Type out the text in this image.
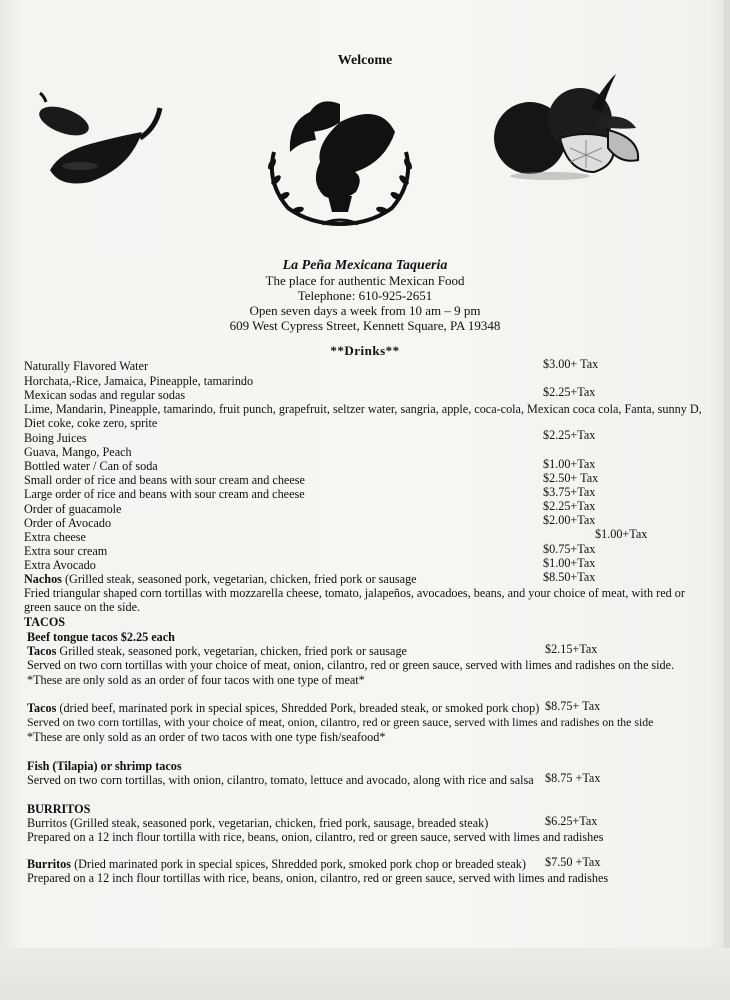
Welcome
La Peña Mexicana Taqueria
The place for authentic Mexican Food
Telephone: 610-925-2651
Open seven days a week from 10 am – 9 pm
609 West Cypress Street, Kennett Square, PA 19348
**Drinks**
Naturally Flavored Water	$3.00+ Tax
Horchata,-Rice, Jamaica, Pineapple, tamarindo
Mexican sodas and regular sodas	$2.25+Tax
Lime, Mandarin, Pineapple, tamarindo, fruit punch, grapefruit, seltzer water, sangria, apple, coca-cola, Mexican coca cola, Fanta, sunny D, Diet coke, coke zero, sprite
Boing Juices	$2.25+Tax
Guava, Mango, Peach
Bottled water / Can of soda	$1.00+Tax
Small order of rice and beans with sour cream and cheese	$2.50+ Tax
Large order of rice and beans with sour cream and cheese	$3.75+Tax
Order of guacamole	$2.25+Tax
Order of Avocado	$2.00+Tax
Extra cheese	$1.00+Tax
Extra sour cream	$0.75+Tax
Extra Avocado	$1.00+Tax
Nachos (Grilled steak, seasoned pork, vegetarian, chicken, fried pork or sausage	$8.50+Tax
Fried triangular shaped corn tortillas with mozzarella cheese, tomato, jalapeños, avocadoes, beans, and your choice of meat, with red or green sauce on the side.
TACOS
Beef tongue tacos $2.25 each
Tacos Grilled steak, seasoned pork, vegetarian, chicken, fried pork or sausage	$2.15+Tax
Served on two corn tortillas with your choice of meat, onion, cilantro, red or green sauce, served with limes and radishes on the side.
*These are only sold as an order of four tacos with one type of meat*
Tacos (dried beef, marinated pork in special spices, Shredded Pork, breaded steak, or smoked pork chop) $8.75+ Tax
Served on two corn tortillas, with your choice of meat, onion, cilantro, red or green sauce, served with limes and radishes on the side
*These are only sold as an order of two tacos with one type fish/seafood*
Fish (Tilapia) or shrimp tacos
Served on two corn tortillas, with onion, cilantro, tomato, lettuce and avocado, along with rice and salsa $8.75 +Tax
BURRITOS
Burritos (Grilled steak, seasoned pork, vegetarian, chicken, fried pork, sausage, breaded steak)	$6.25+Tax
Prepared on a 12 inch flour tortilla with rice, beans, onion, cilantro, red or green sauce, served with limes and radishes
Burritos (Dried marinated pork in special spices, Shredded pork, smoked pork chop or breaded steak) $7.50 +Tax
Prepared on a 12 inch flour tortillas with rice, beans, onion, cilantro, red or green sauce, served with limes and radishes
